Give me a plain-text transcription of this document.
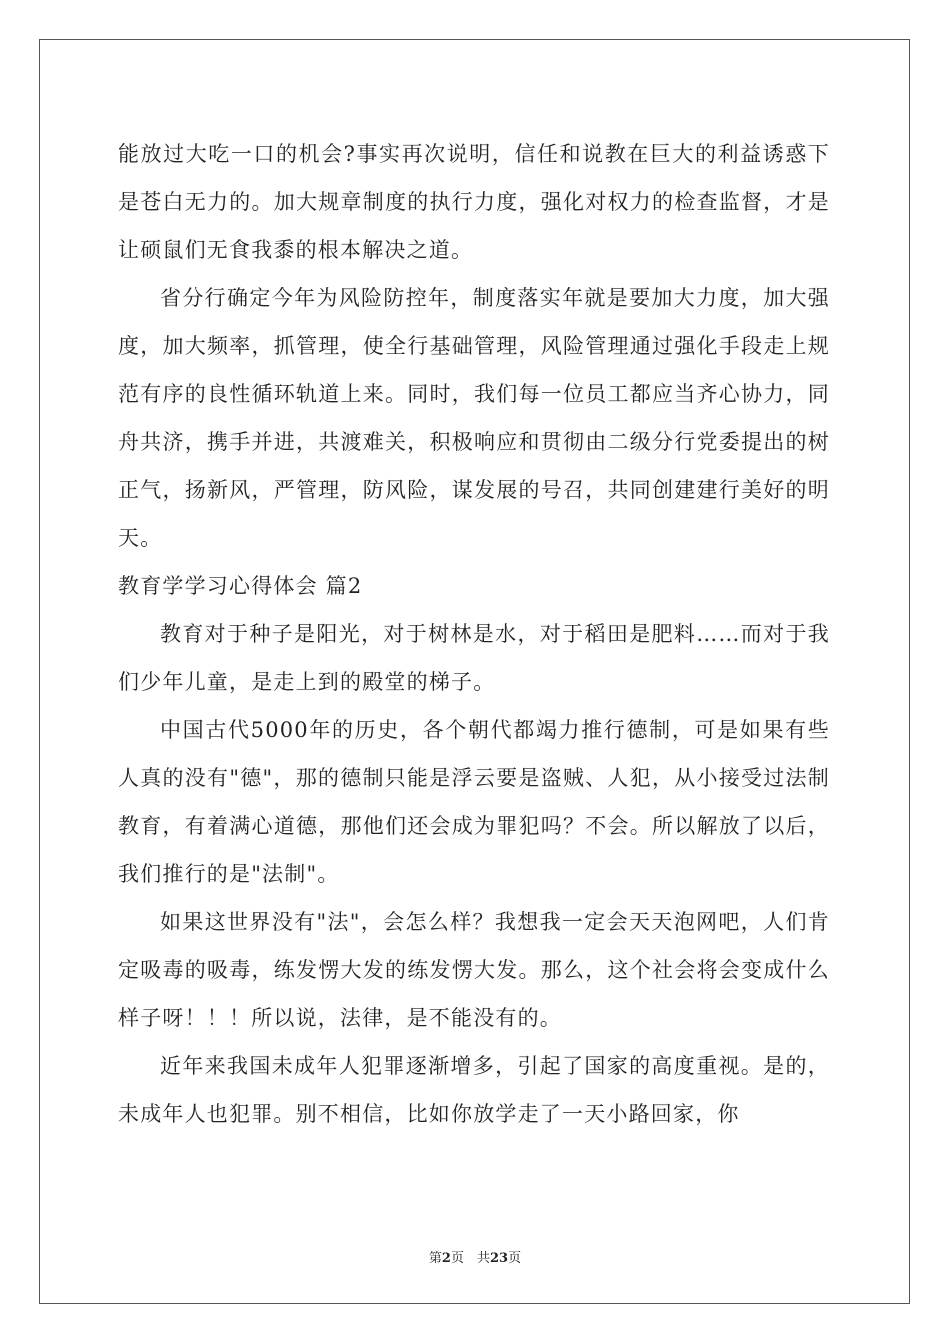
能放过大吃一口的机会?事实再次说明，信任和说教在巨大的利益诱惑下是苍白无力的。加大规章制度的执行力度，强化对权力的检查监督，才是让硕鼠们无食我黍的根本解决之道。

省分行确定今年为风险防控年，制度落实年就是要加大力度，加大强度，加大频率，抓管理，使全行基础管理，风险管理通过强化手段走上规范有序的良性循环轨道上来。同时，我们每一位员工都应当齐心协力，同舟共济，携手并进，共渡难关，积极响应和贯彻由二级分行党委提出的树正气，扬新风，严管理，防风险，谋发展的号召，共同创建建行美好的明天。

教育学学习心得体会 篇2

教育对于种子是阳光，对于树林是水，对于稻田是肥料……而对于我们少年儿童，是走上到的殿堂的梯子。

中国古代5000年的历史，各个朝代都竭力推行德制，可是如果有些人真的没有"德"，那的德制只能是浮云要是盗贼、人犯，从小接受过法制教育，有着满心道德，那他们还会成为罪犯吗？不会。所以解放了以后，我们推行的是"法制"。

如果这世界没有"法"，会怎么样？我想我一定会天天泡网吧，人们肯定吸毒的吸毒，练发愣大发的练发愣大发。那么，这个社会将会变成什么样子呀！！！所以说，法律，是不能没有的。

近年来我国未成年人犯罪逐渐增多，引起了国家的高度重视。是的，未成年人也犯罪。别不相信，比如你放学走了一天小路回家，你

第2页　共23页
